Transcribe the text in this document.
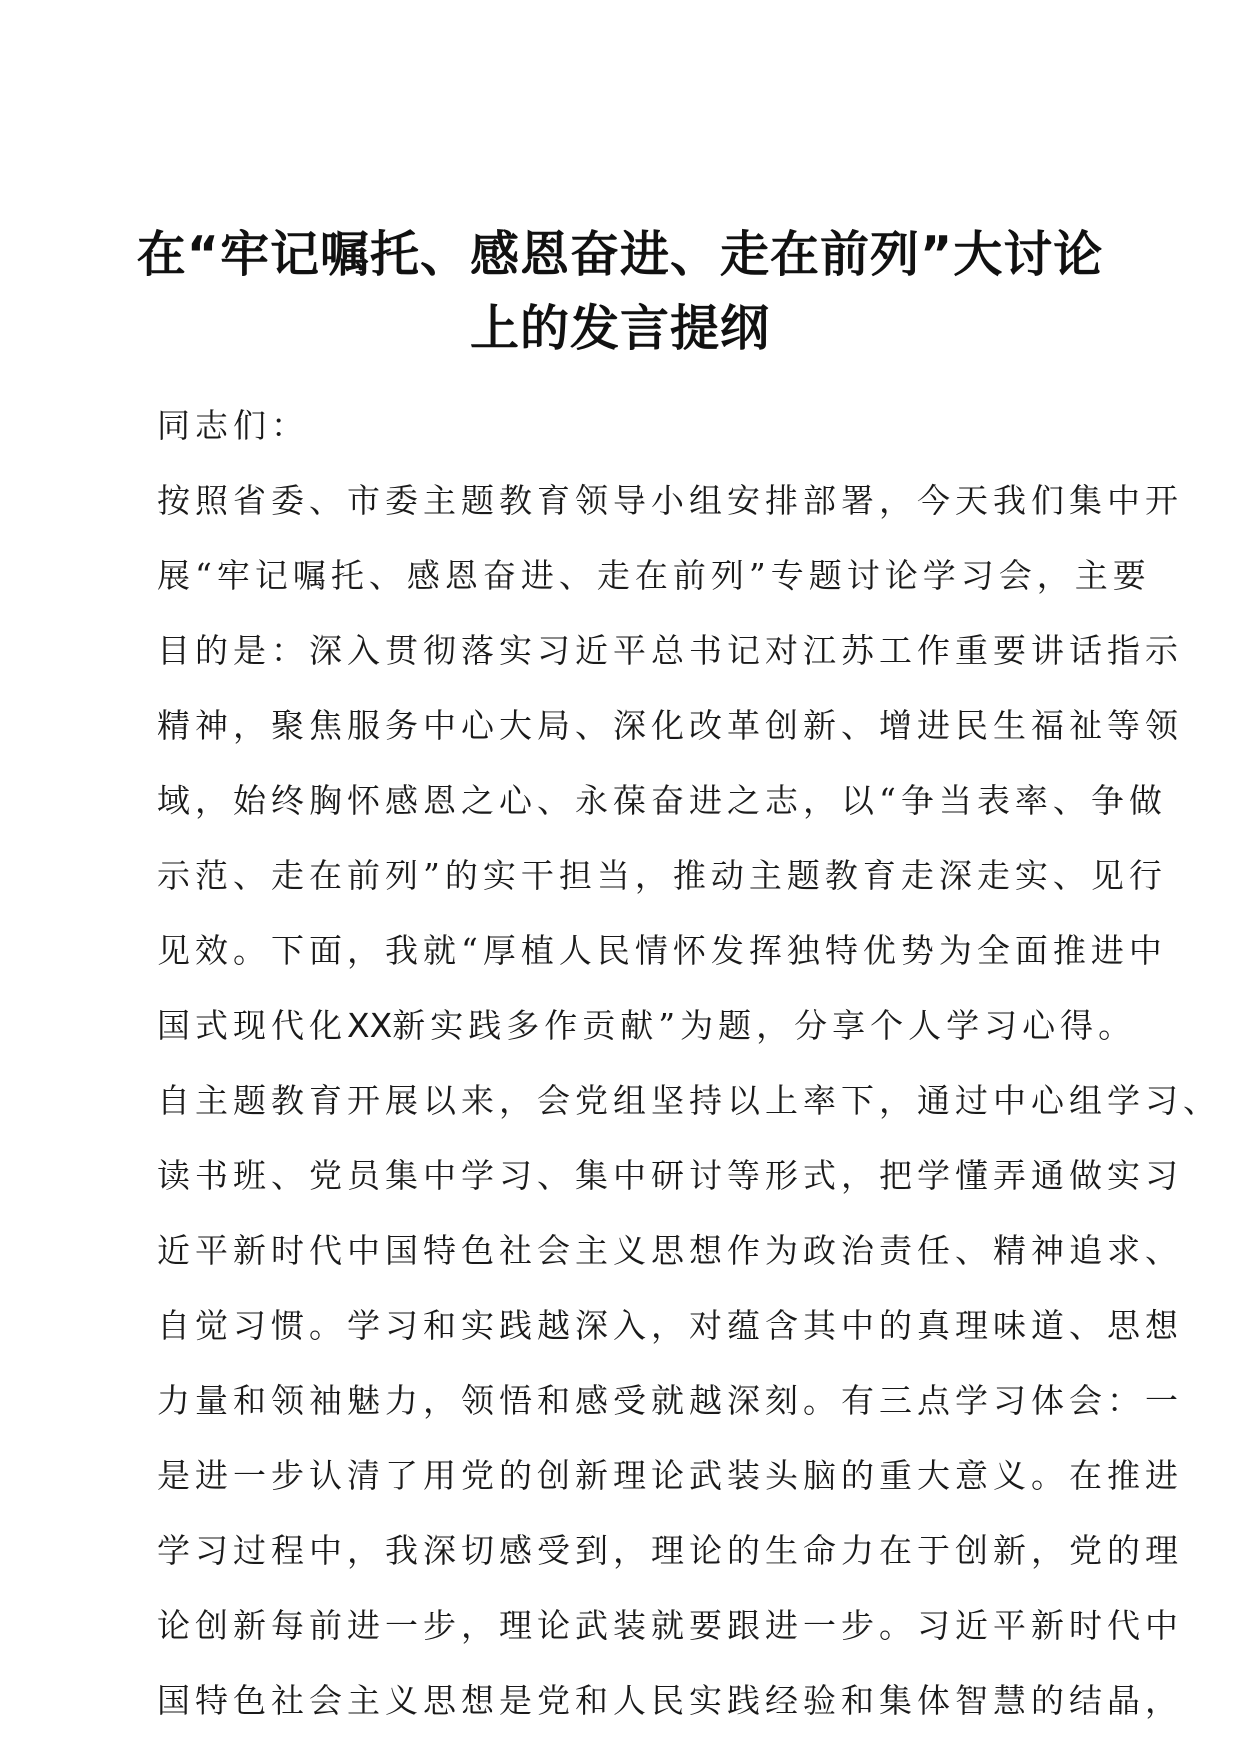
在“牢记嘱托、感恩奋进、走在前列”大讨论
上的发言提纲
同志们：
按照省委、市委主题教育领导小组安排部署，今天我们集中开
展“牢记嘱托、感恩奋进、走在前列”专题讨论学习会，主要
目的是：深入贯彻落实习近平总书记对江苏工作重要讲话指示
精神，聚焦服务中心大局、深化改革创新、增进民生福祉等领
域，始终胸怀感恩之心、永葆奋进之志，以“争当表率、争做
示范、走在前列”的实干担当，推动主题教育走深走实、见行
见效。下面，我就“厚植人民情怀发挥独特优势为全面推进中
国式现代化XX新实践多作贡献”为题，分享个人学习心得。
自主题教育开展以来，会党组坚持以上率下，通过中心组学习、
读书班、党员集中学习、集中研讨等形式，把学懂弄通做实习
近平新时代中国特色社会主义思想作为政治责任、精神追求、
自觉习惯。学习和实践越深入，对蕴含其中的真理味道、思想
力量和领袖魅力，领悟和感受就越深刻。有三点学习体会：一
是进一步认清了用党的创新理论武装头脑的重大意义。在推进
学习过程中，我深切感受到，理论的生命力在于创新，党的理
论创新每前进一步，理论武装就要跟进一步。习近平新时代中
国特色社会主义思想是党和人民实践经验和集体智慧的结晶，
